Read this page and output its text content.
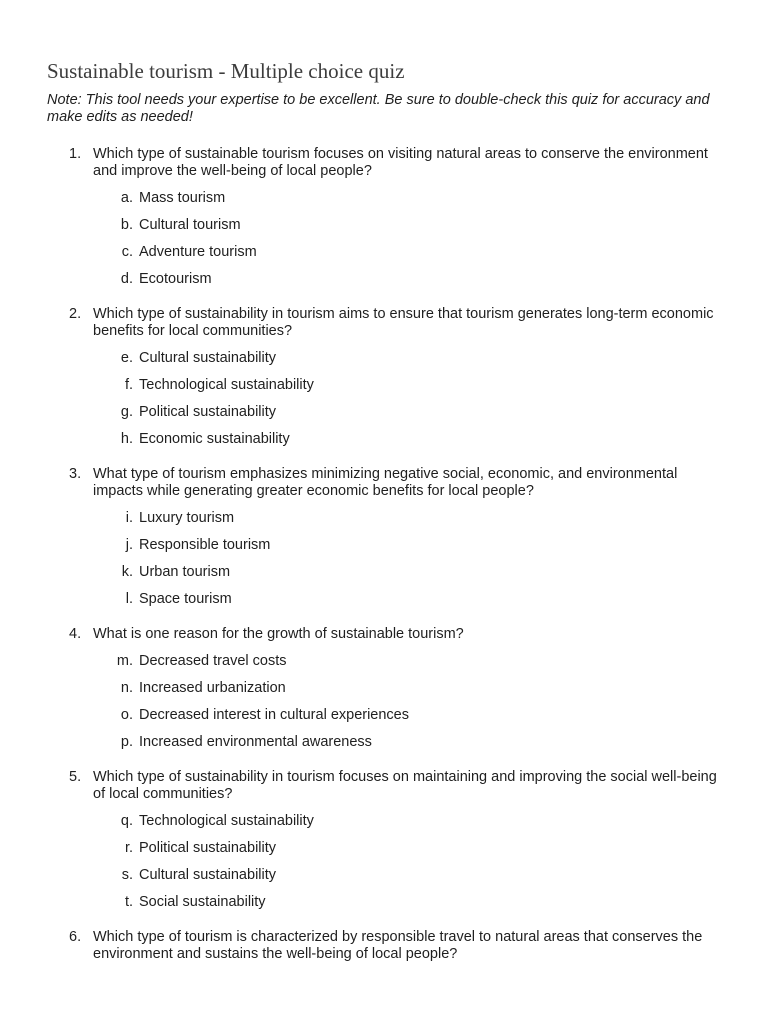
Sustainable tourism - Multiple choice quiz

Note: This tool needs your expertise to be excellent. Be sure to double-check this quiz for accuracy and make edits as needed!

1. Which type of sustainable tourism focuses on visiting natural areas to conserve the environment and improve the well-being of local people?

a. Mass tourism
b. Cultural tourism
c. Adventure tourism
d. Ecotourism
2. Which type of sustainability in tourism aims to ensure that tourism generates long-term economic benefits for local communities?

e. Cultural sustainability
f. Technological sustainability
g. Political sustainability
h. Economic sustainability
3. What type of tourism emphasizes minimizing negative social, economic, and environmental impacts while generating greater economic benefits for local people?

i. Luxury tourism
j. Responsible tourism
k. Urban tourism
l. Space tourism
4. What is one reason for the growth of sustainable tourism?

m. Decreased travel costs
n. Increased urbanization
o. Decreased interest in cultural experiences
p. Increased environmental awareness
5. Which type of sustainability in tourism focuses on maintaining and improving the social well-being of local communities?

q. Technological sustainability
r. Political sustainability
s. Cultural sustainability
t. Social sustainability
6. Which type of tourism is characterized by responsible travel to natural areas that conserves the environment and sustains the well-being of local people?
